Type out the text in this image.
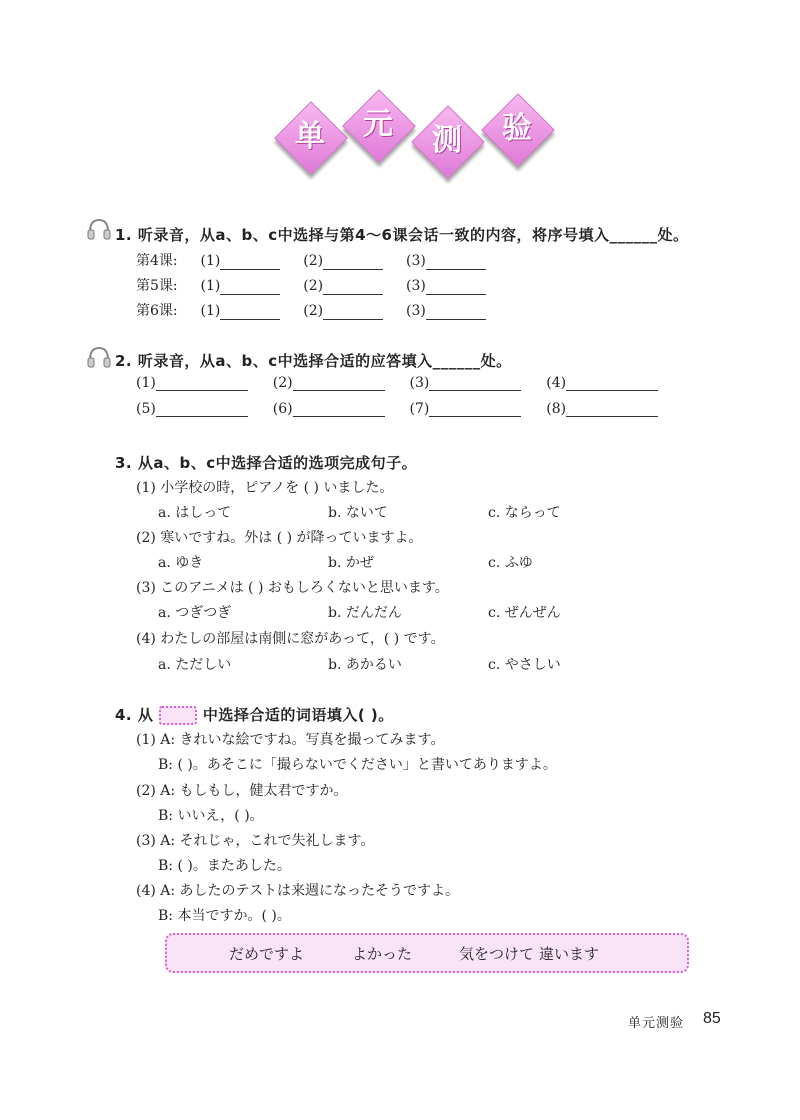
单	元	测	验
1. 听录音，从a、b、c中选择与第4～6课会话一致的内容，将序号填入______处。
第4课: (1)	(2)	(3)
第5课: (1)	(2)	(3)
第6课: (1)	(2)	(3)
2. 听录音，从a、b、c中选择合适的应答填入______处。
(1)	(2)	(3)	(4)
(5)	(6)	(7)	(8)
3. 从a、b、c中选择合适的选项完成句子。
(1) 小学校の時，ピアノを ( ) いました。
a. はしって	b. ないて	c. ならって
(2) 寒いですね。外は ( ) が降っていますよ。
a. ゆき	b. かぜ	c. ふゆ
(3) このアニメは ( ) おもしろくないと思います。
a. つぎつぎ	b. だんだん	c. ぜんぜん
(4) わたしの部屋は南側に窓があって，( ) です。
a. ただしい	b. あかるい	c. やさしい
4. 从	中选择合适的词语填入( )。
(1) A: きれいな絵ですね。写真を撮ってみます。
B: ( )。あそこに「撮らないでください」と書いてありますよ。
(2) A: もしもし，健太君ですか。
B: いいえ，( )。
(3) A: それじゃ，これで失礼します。
B: ( )。またあした。
(4) A: あしたのテストは来週になったそうですよ。
B: 本当ですか。( )。
だめですよ	よかった	気をつけて 違います
单元测验 85
